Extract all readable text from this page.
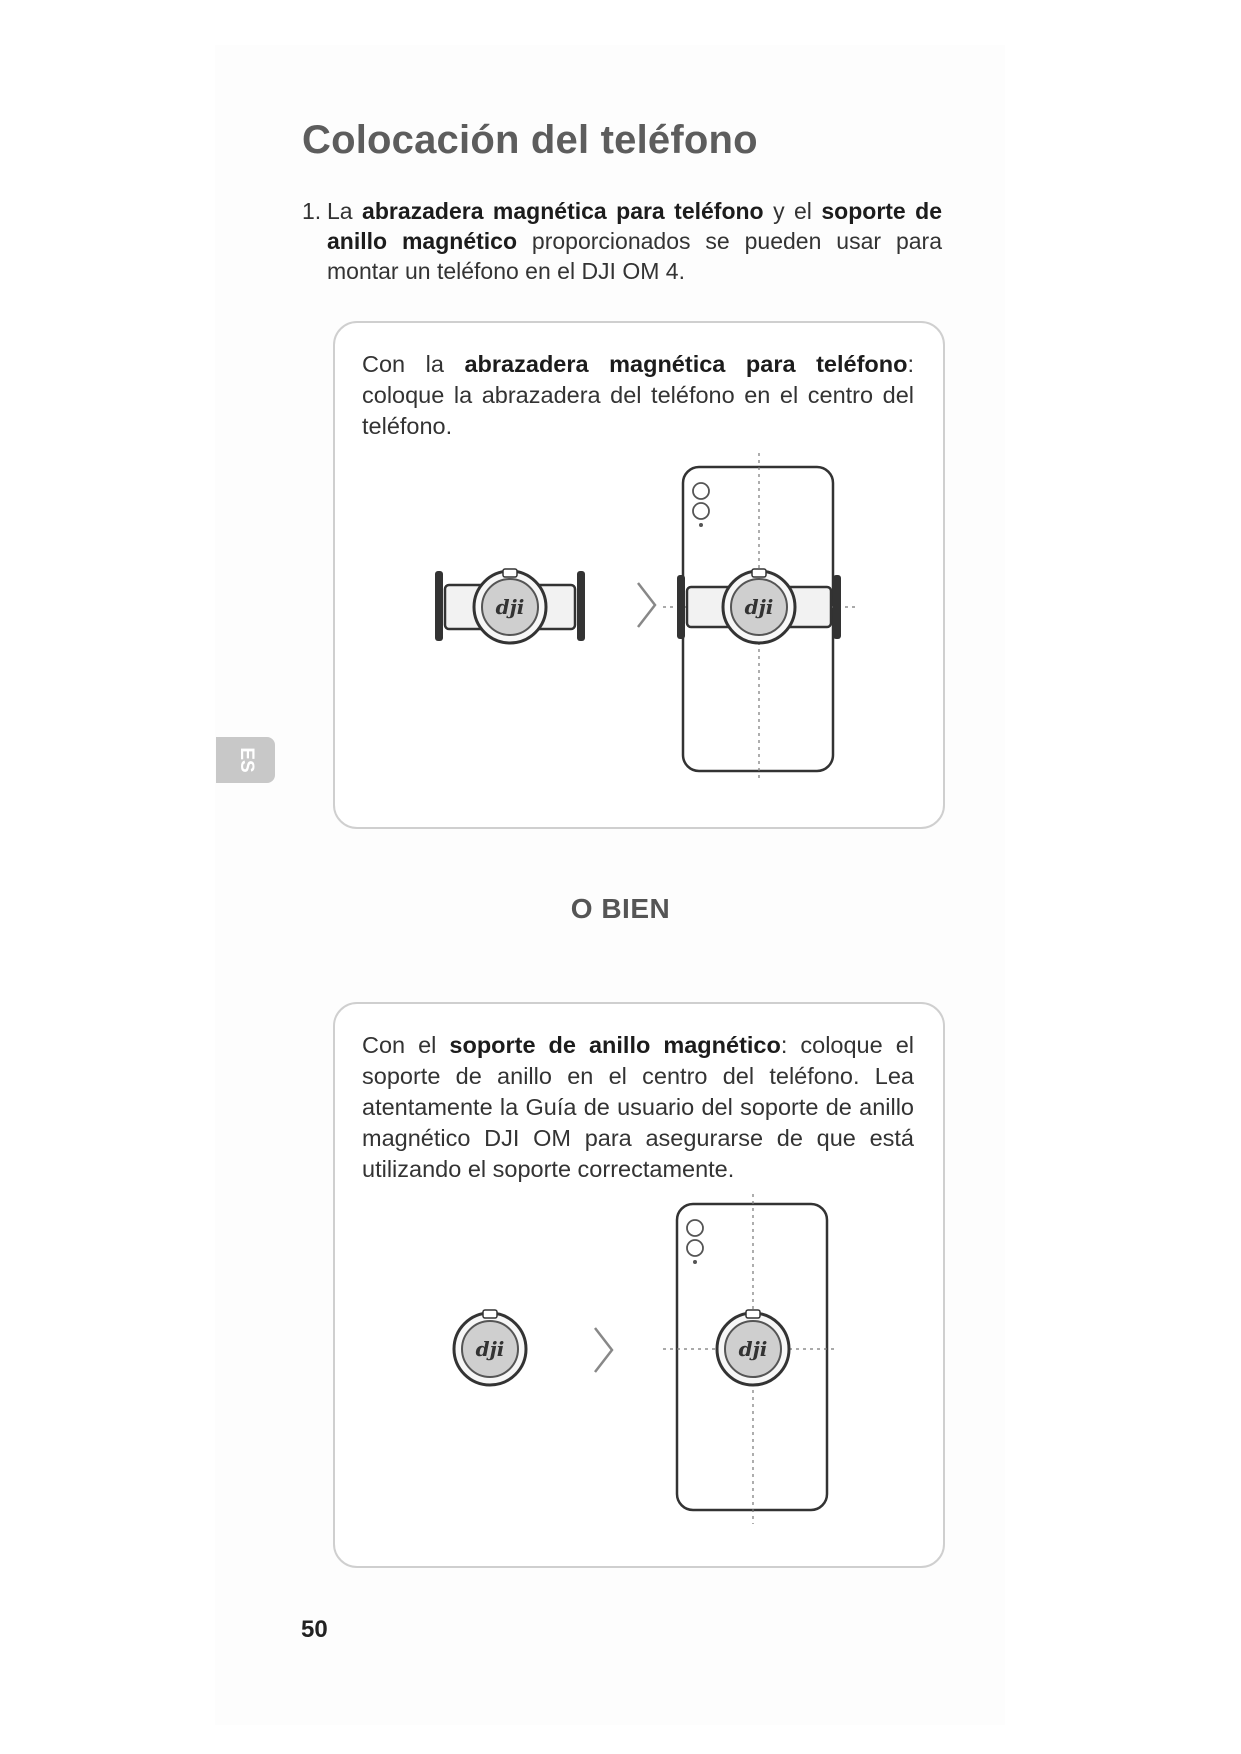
Colocación del teléfono
1. La abrazadera magnética para teléfono y el soporte de anillo magnético proporcionados se pueden usar para montar un teléfono en el DJI OM 4.

Con la abrazadera magnética para teléfono: coloque la abrazadera del teléfono en el centro del teléfono.

dji	dji

O BIEN

Con el soporte de anillo magnético: coloque el soporte de anillo en el centro del teléfono. Lea atentamente la Guía de usuario del soporte de anillo magnético DJI OM para asegurarse de que está utilizando el soporte correctamente.

dji	dji
ES
50
